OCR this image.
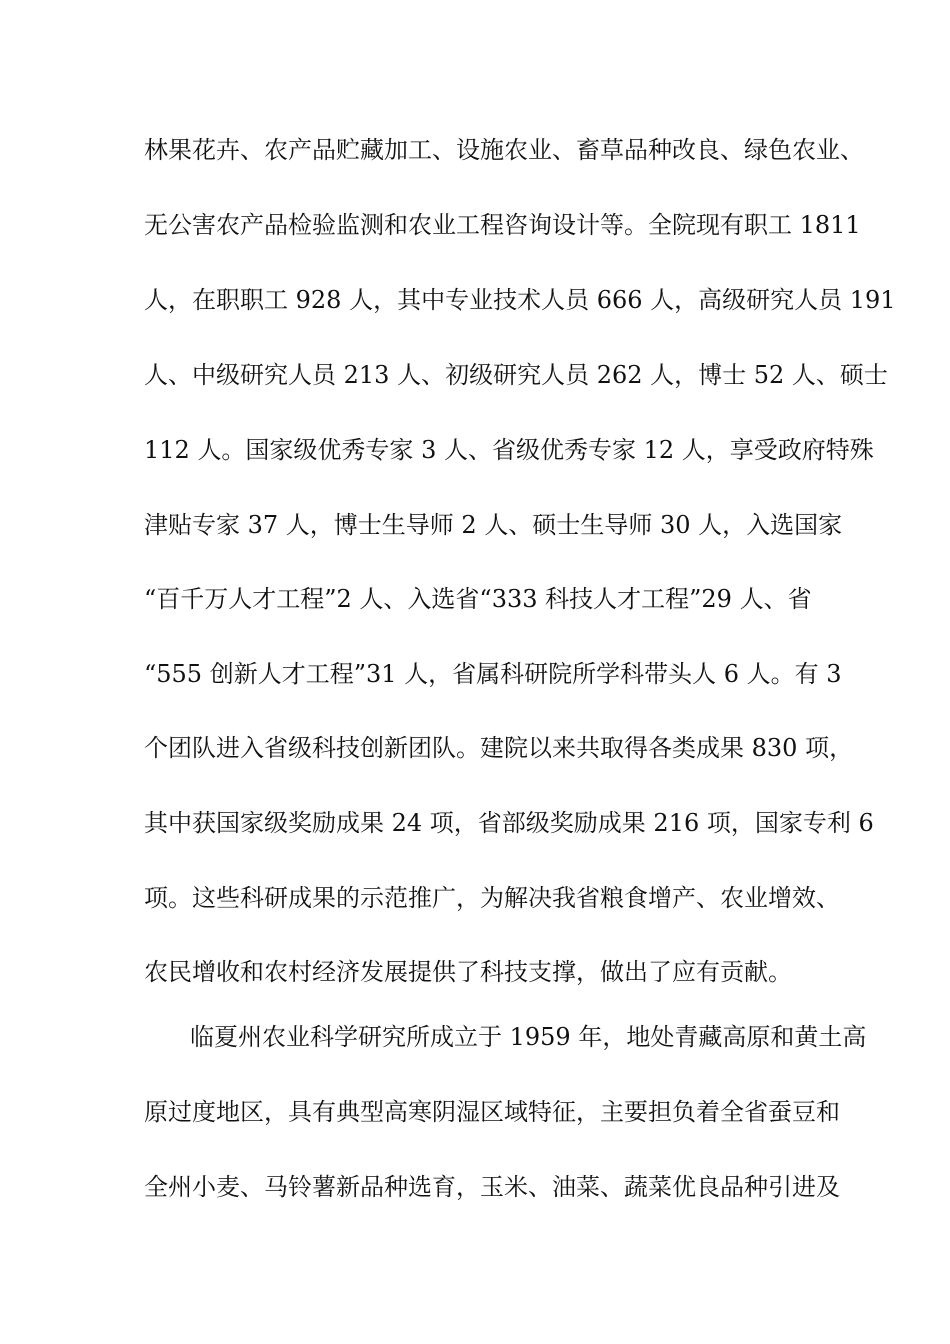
林果花卉、农产品贮藏加工、设施农业、畜草品种改良、绿色农业、
无公害农产品检验监测和农业工程咨询设计等。全院现有职工 1811
人，在职职工 928 人，其中专业技术人员 666 人，高级研究人员 191
人、中级研究人员 213 人、初级研究人员 262 人，博士 52 人、硕士
112 人。国家级优秀专家 3 人、省级优秀专家 12 人，享受政府特殊
津贴专家 37 人，博士生导师 2 人、硕士生导师 30 人，入选国家
“百千万人才工程”2 人、入选省“333 科技人才工程”29 人、省
“555 创新人才工程”31 人，省属科研院所学科带头人 6 人。有 3
个团队进入省级科技创新团队。建院以来共取得各类成果 830 项，
其中获国家级奖励成果 24 项，省部级奖励成果 216 项，国家专利 6
项。这些科研成果的示范推广，为解决我省粮食增产、农业增效、
农民增收和农村经济发展提供了科技支撑，做出了应有贡献。
临夏州农业科学研究所成立于 1959 年，地处青藏高原和黄土高
原过度地区，具有典型高寒阴湿区域特征，主要担负着全省蚕豆和
全州小麦、马铃薯新品种选育，玉米、油菜、蔬菜优良品种引进及
